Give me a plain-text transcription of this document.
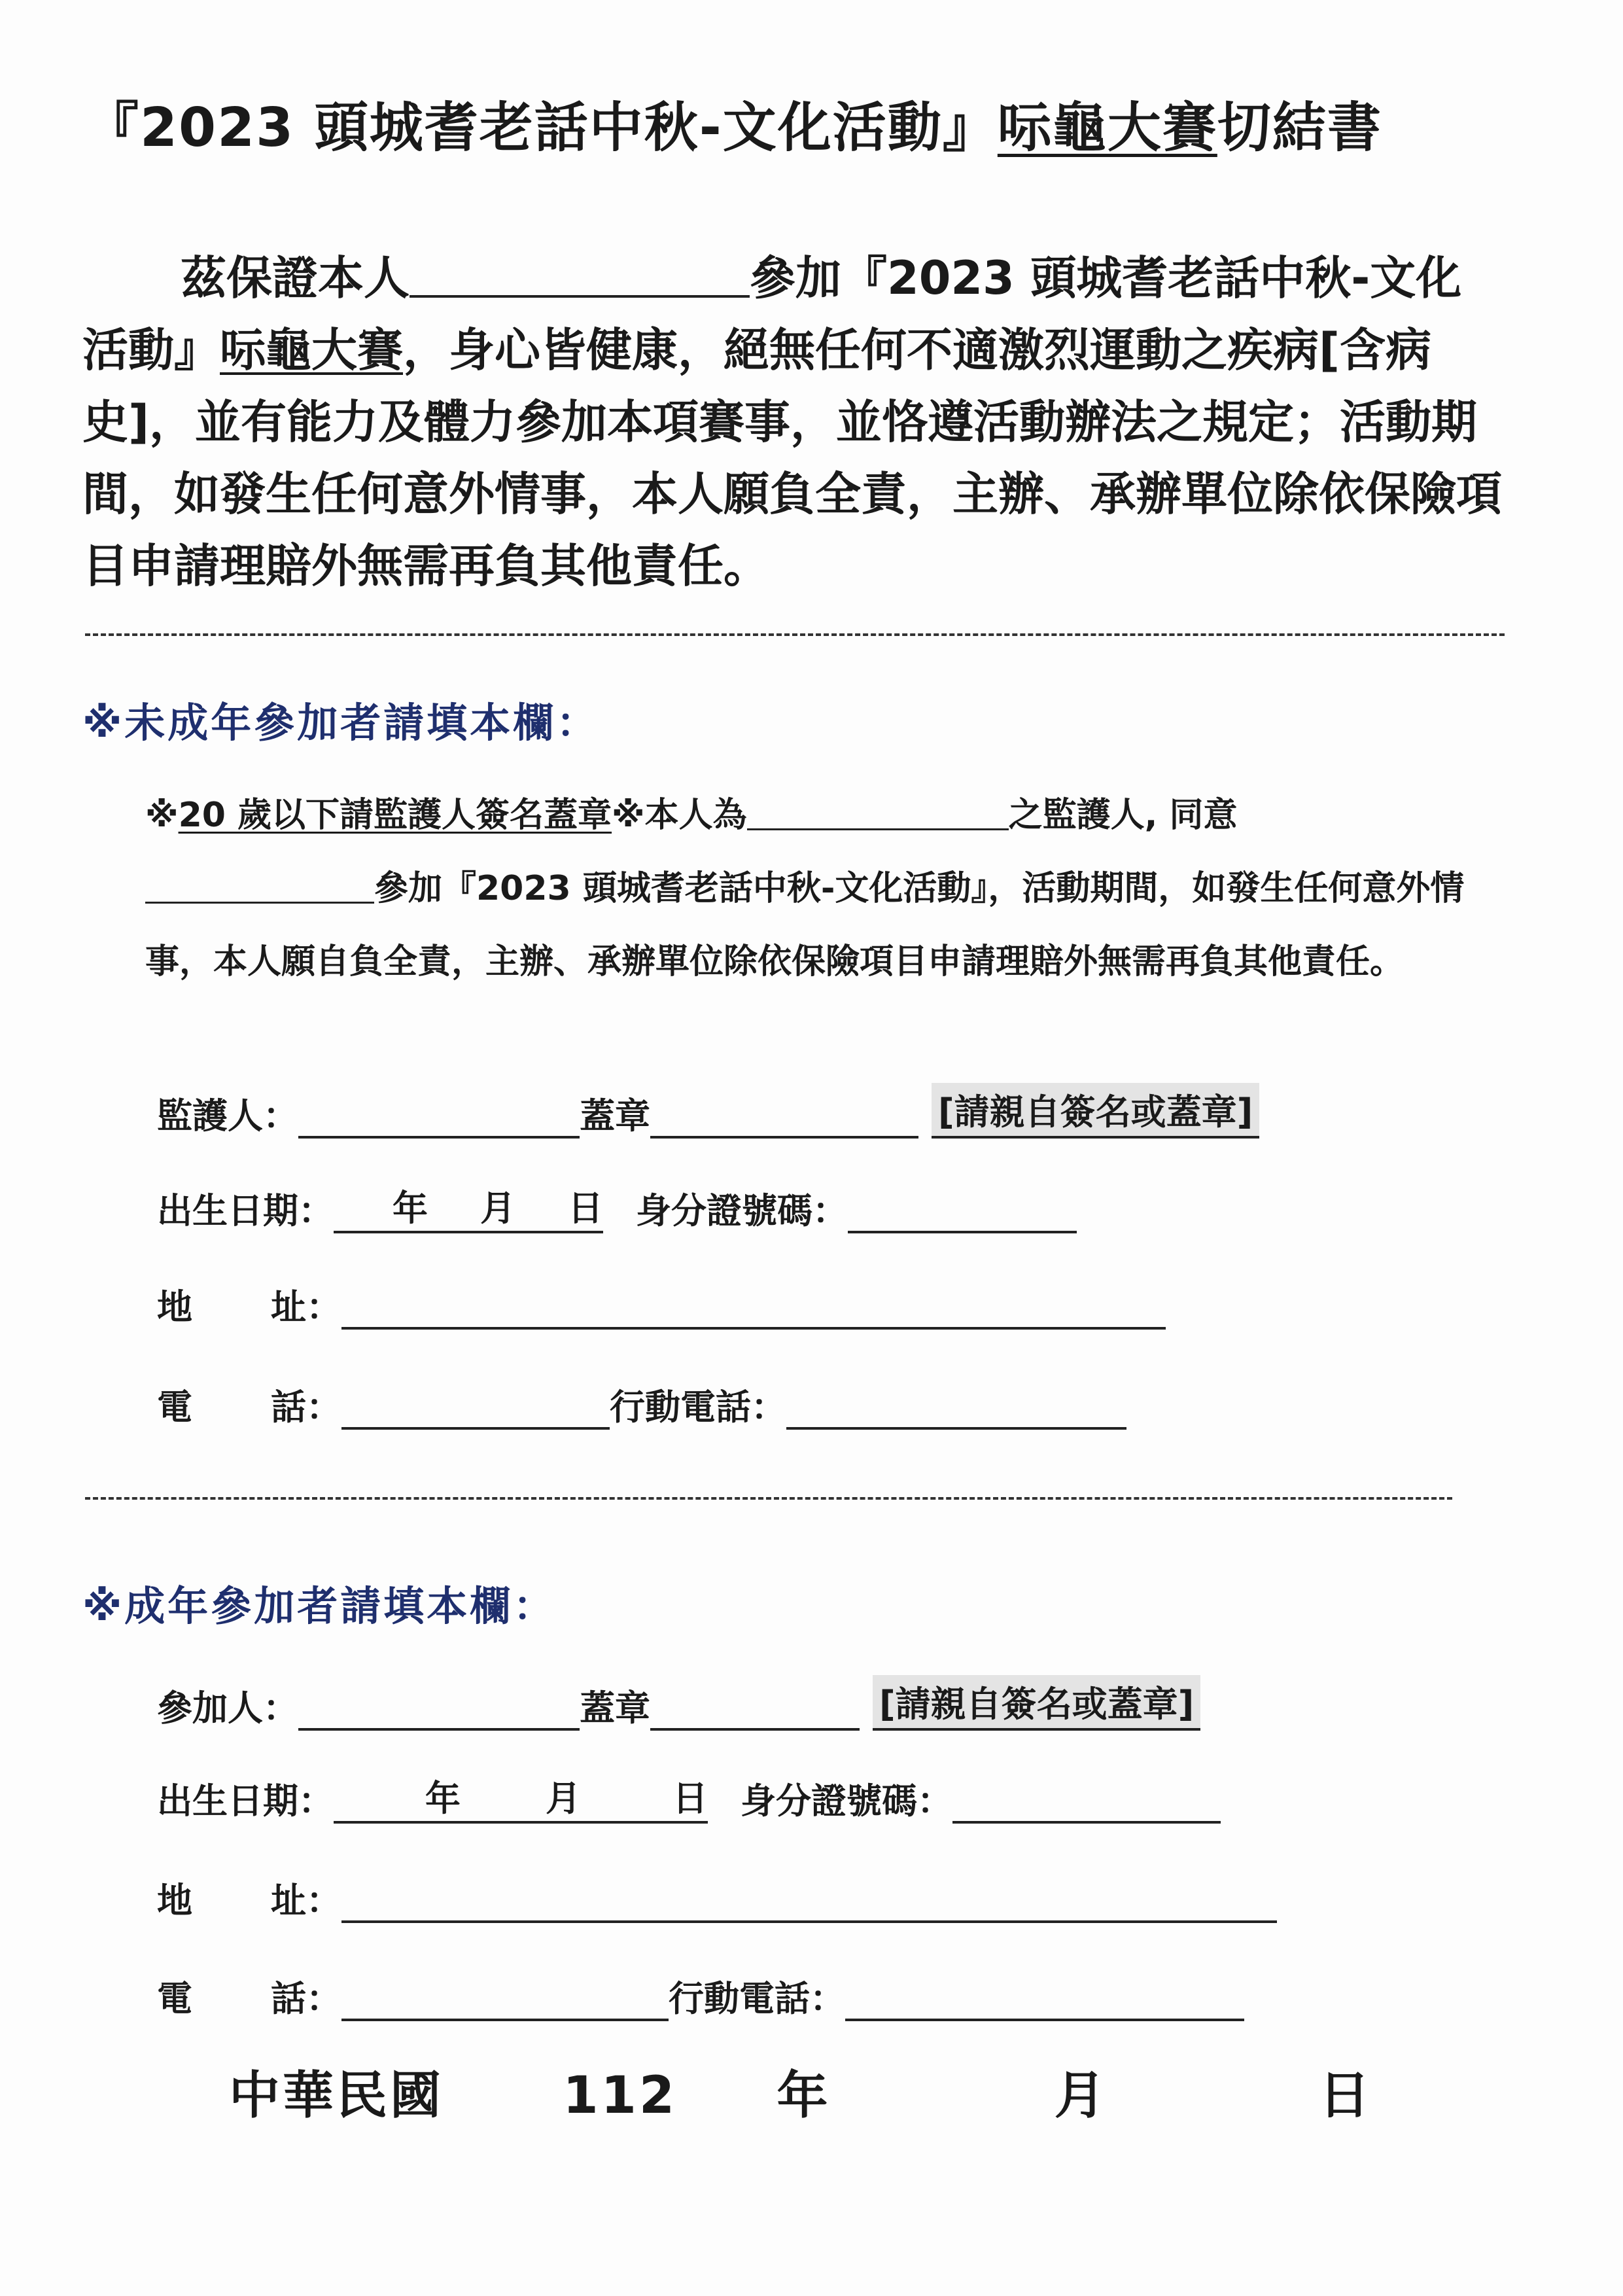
『2023 頭城耆老話中秋-文化活動』呩龜大賽切結書
茲保證本人	參加『2023 頭城耆老話中秋-文化活動』呩龜大賽，身心皆健康，絕無任何不適激烈運動之疾病[含病史]，並有能力及體力參加本項賽事，並恪遵活動辦法之規定；活動期間，如發生任何意外情事，本人願負全責，主辦、承辦單位除依保險項目申請理賠外無需再負其他責任。
※未成年參加者請填本欄：
※20 歲以下請監護人簽名蓋章※本人為	之監護人, 同意
參加『2023 頭城耆老話中秋-文化活動』，活動期間，如發生任何意外情事，本人願自負全責，主辦、承辦單位除依保險項目申請理賠外無需再負其他責任。
監護人：	蓋章	[請親自簽名或蓋章]
出生日期： 年 月 日 身分證號碼：
地 址：
電 話：	行動電話：
※成年參加者請填本欄：
參加人：	蓋章	[請親自簽名或蓋章]
出生日期：	年 月	日 身分證號碼：
地 址：
電 話：	行動電話：
中華民國 112 年	月	日
